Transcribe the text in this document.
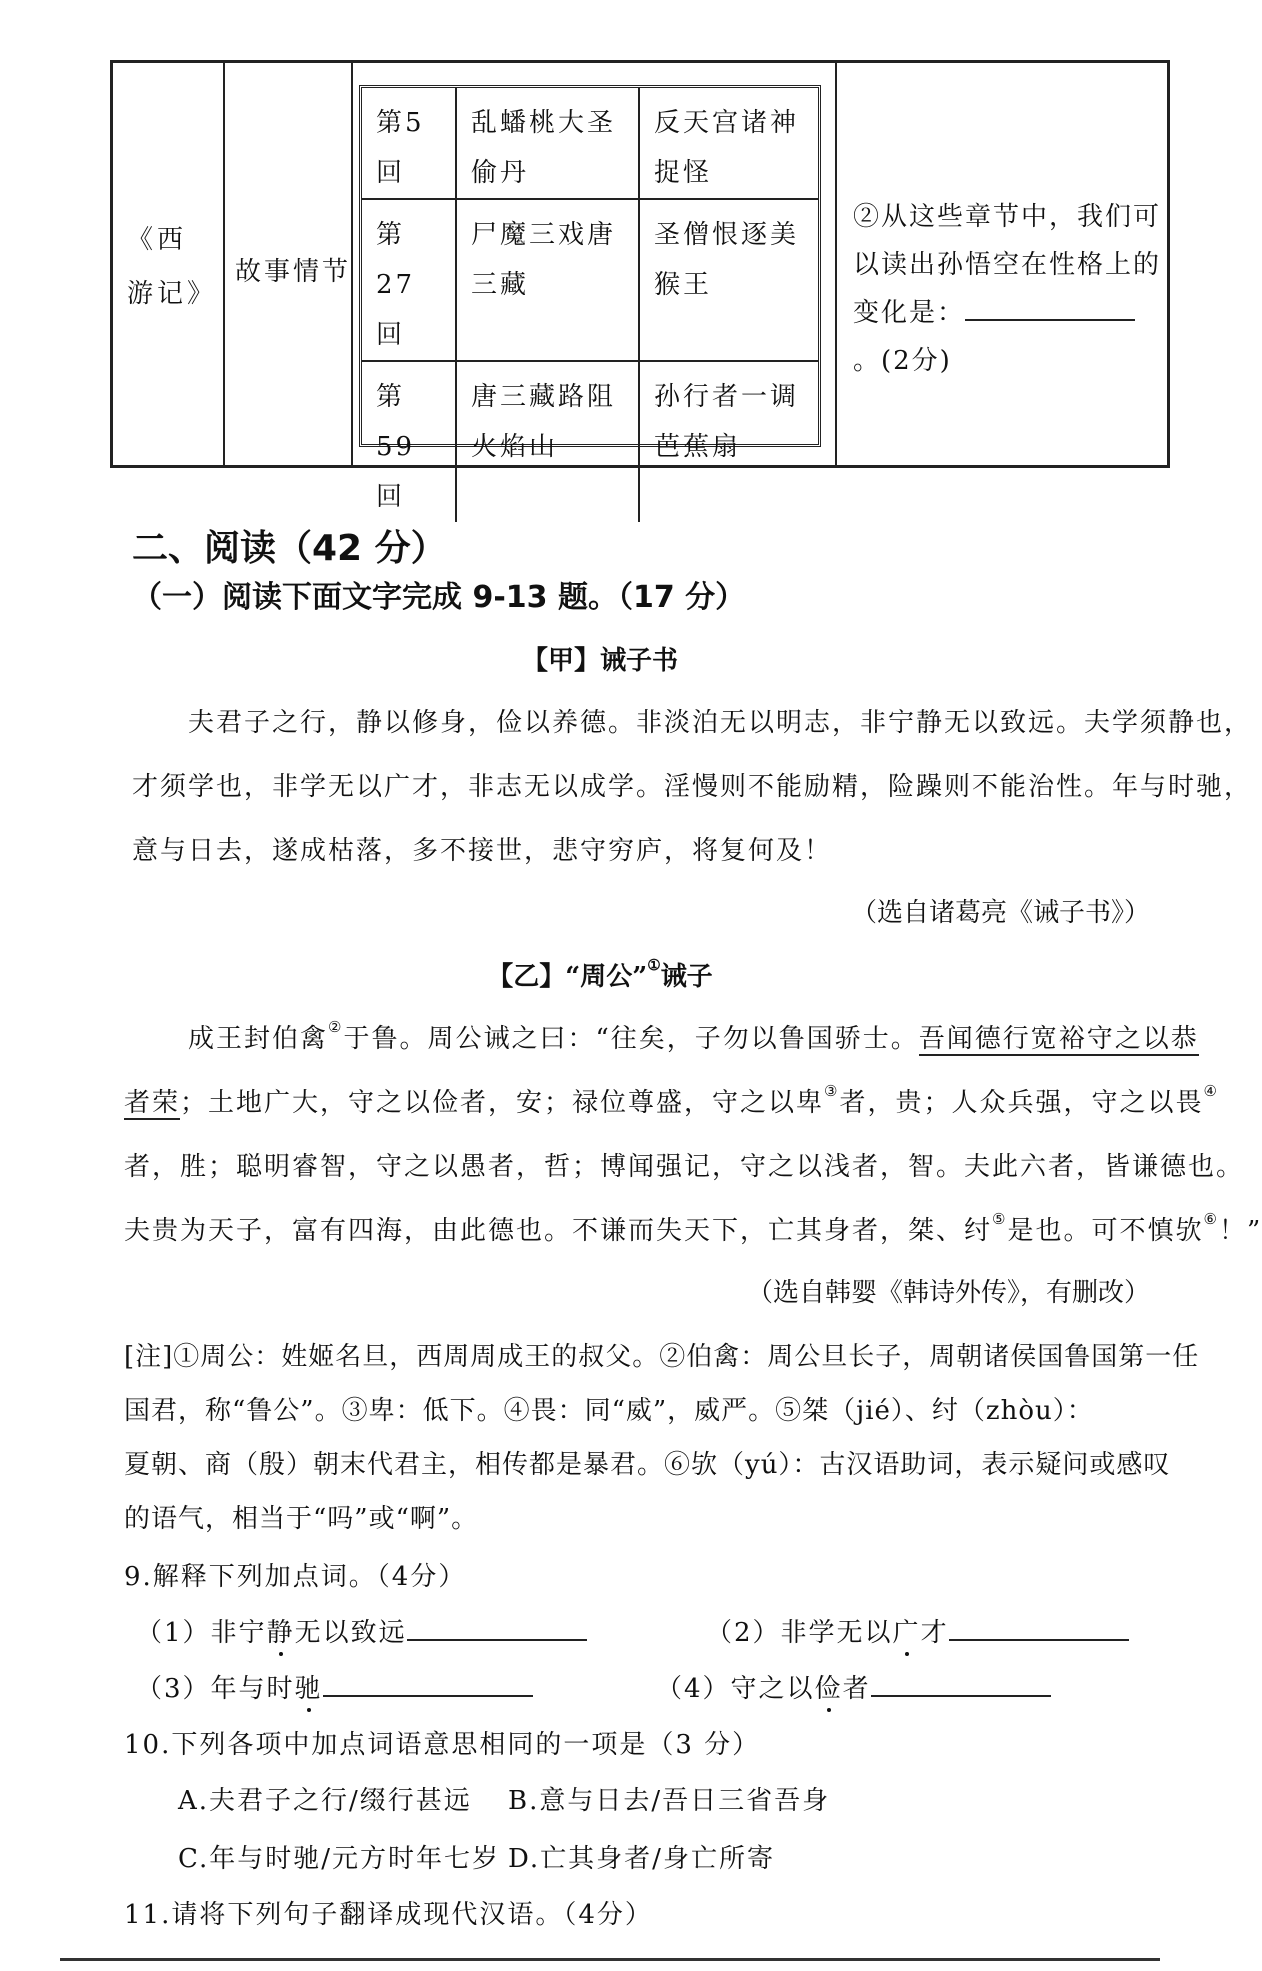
《西游记》
故事情节
第5回
乱蟠桃大圣偷丹
反天宫诸神捉怪
第 27 回
尸魔三戏唐三藏
圣僧恨逐美猴王
第 59 回
唐三藏路阻火焰山
孙行者一调芭蕉扇
②从这些章节中，我们可以读出孙悟空在性格上的变化是：。(2分)
二、阅读（42 分）
（一）阅读下面文字完成 9-13 题。（17 分）
【甲】诫子书
夫君子之行，静以修身，俭以养德。非淡泊无以明志，非宁静无以致远。夫学须静也，
才须学也，非学无以广才，非志无以成学。淫慢则不能励精，险躁则不能治性。年与时驰，
意与日去，遂成枯落，多不接世，悲守穷庐，将复何及！
（选自诸葛亮《诫子书》）
【乙】“周公”①诫子
成王封伯禽②于鲁。周公诫之曰：“往矣，子勿以鲁国骄士。吾闻德行宽裕守之以恭
者荣；土地广大，守之以俭者，安；禄位尊盛，守之以卑③者，贵；人众兵强，守之以畏④
者，胜；聪明睿智，守之以愚者，哲；博闻强记，守之以浅者，智。夫此六者，皆谦德也。
夫贵为天子，富有四海，由此德也。不谦而失天下，亡其身者，桀、纣⑤是也。可不慎欤⑥！”
（选自韩婴《韩诗外传》，有删改）
[注]①周公：姓姬名旦，西周周成王的叔父。②伯禽：周公旦长子，周朝诸侯国鲁国第一任
国君，称“鲁公”。③卑：低下。④畏：同“威”，威严。⑤桀（jié）、纣（zhòu）：
夏朝、商（殷）朝末代君主，相传都是暴君。⑥欤（yú）：古汉语助词，表示疑问或感叹
的语气，相当于“吗”或“啊”。
9.解释下列加点词。（4分）
（1）非宁静无以致远	（2）非学无以广才
（3）年与时驰	（4）守之以俭者
10.下列各项中加点词语意思相同的一项是（3 分）
A.夫君子之行/缀行甚远 B.意与日去/吾日三省吾身
C.年与时驰/元方时年七岁 D.亡其身者/身亡所寄
11.请将下列句子翻译成现代汉语。（4分）
